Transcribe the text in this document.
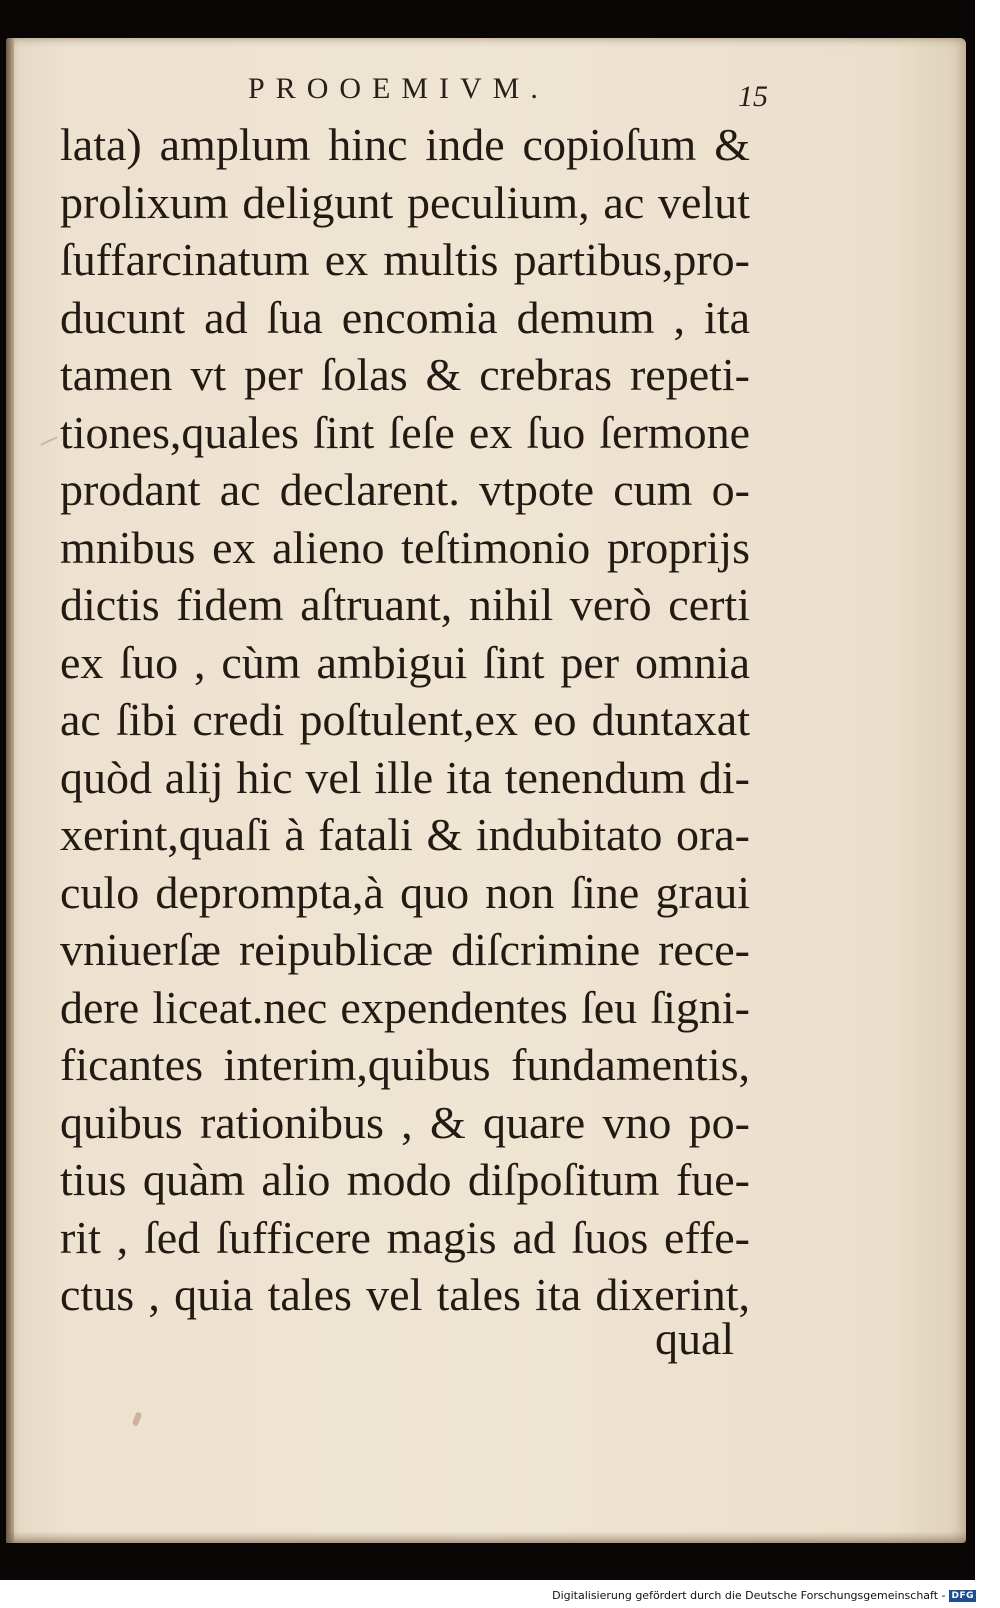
PROOEMIVM.	15
lata) amplum hinc inde copioſum &
prolixum deligunt peculium, ac velut
ſuffarcinatum ex multis partibus,pro-
ducunt ad ſua encomia demum , ita
tamen vt per ſolas & crebras repeti-
tiones,quales ſint ſeſe ex ſuo ſermone
prodant ac declarent. vtpote cum o-
mnibus ex alieno teſtimonio proprijs
dictis fidem aſtruant, nihil verò certi
ex ſuo , cùm ambigui ſint per omnia
ac ſibi credi poſtulent,ex eo duntaxat
quòd alij hic vel ille ita tenendum di-
xerint,quaſi à fatali & indubitato ora-
culo deprompta,à quo non ſine graui
vniuerſæ reipublicæ diſcrimine rece-
dere liceat.nec expendentes ſeu ſigni-
ficantes interim,quibus fundamentis,
quibus rationibus , & quare vno po-
tius quàm alio modo diſpoſitum fue-
rit , ſed ſufficere magis ad ſuos effe-
ctus , quia tales vel tales ita dixerint,
qual
Digitalisierung gefördert durch die Deutsche Forschungsgemeinschaft - DFG
